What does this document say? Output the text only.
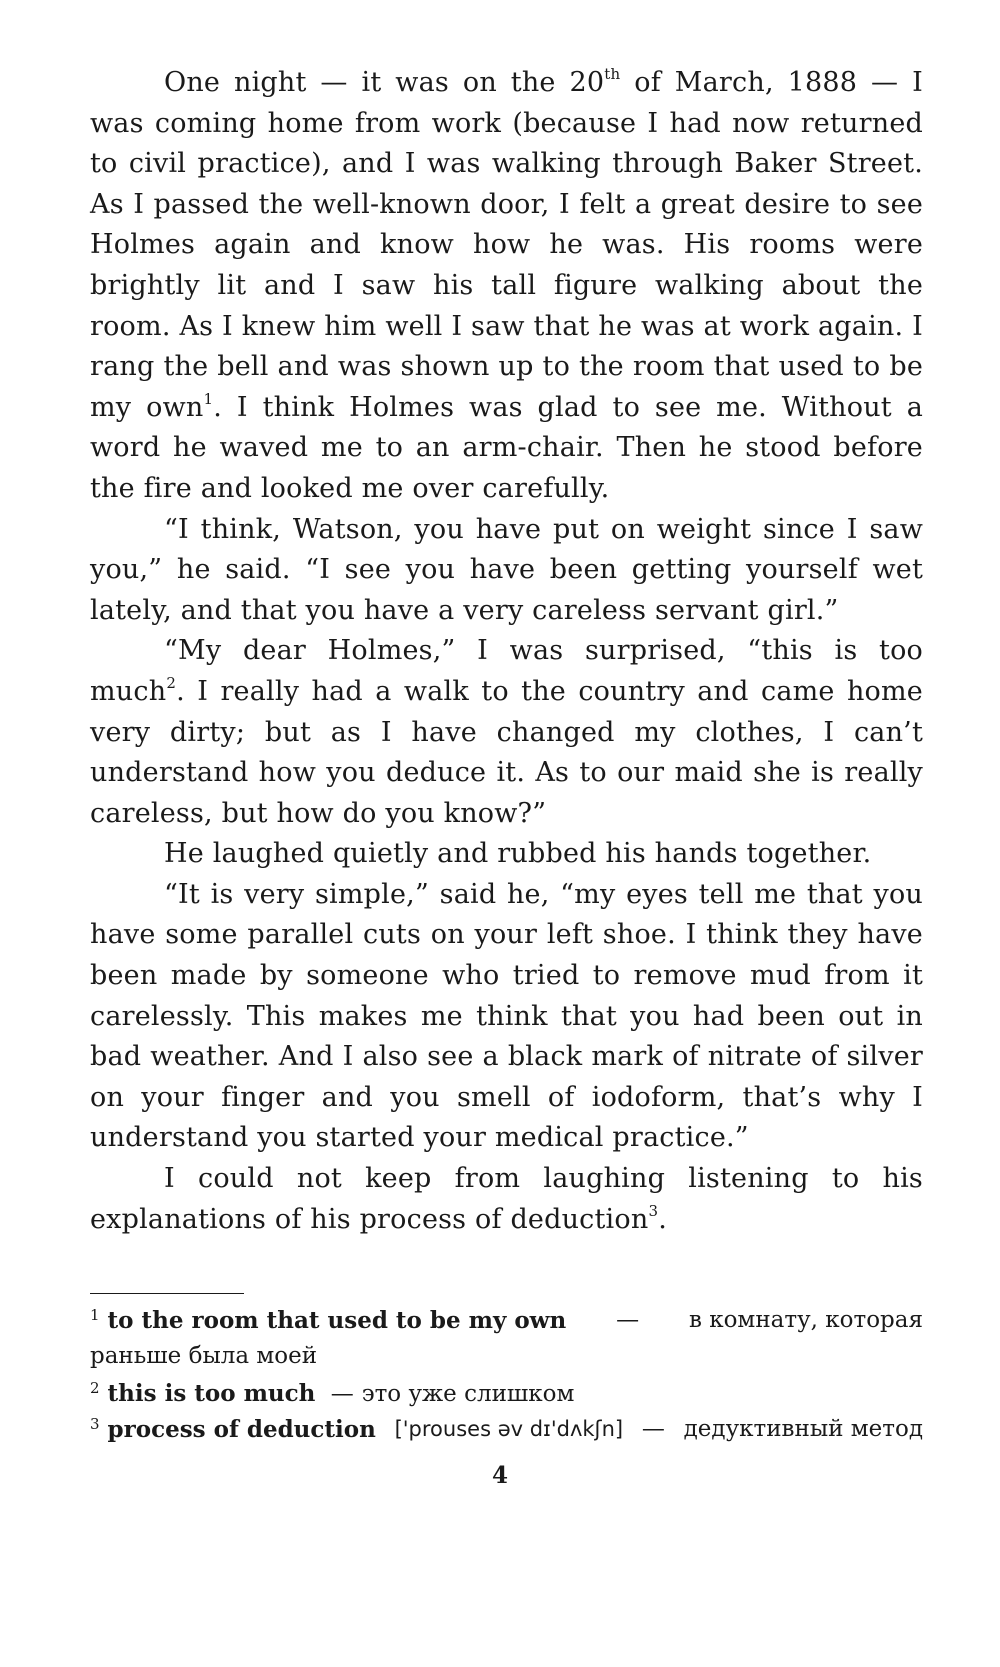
One night — it was on the 20th of March, 1888 — I was coming home from work (because I had now returned to civil practice), and I was walking through Baker Street. As I passed the well-known door, I felt a great desire to see Holmes again and know how he was. His rooms were brightly lit and I saw his tall figure walking about the room. As I knew him well I saw that he was at work again. I rang the bell and was shown up to the room that used to be my own$^1$. I think Holmes was glad to see me. Without a word he waved me to an arm-chair. Then he stood before the fire and looked me over carefully.

“I think, Watson, you have put on weight since I saw you,” he said. “I see you have been getting yourself wet lately, and that you have a very careless servant girl.”

“My dear Holmes,” I was surprised, “this is too much$^2$. I really had a walk to the country and came home very dirty; but as I have changed my clothes, I can’t understand how you deduce it. As to our maid she is really careless, but how do you know?”

He laughed quietly and rubbed his hands together.

“It is very simple,” said he, “my eyes tell me that you have some parallel cuts on your left shoe. I think they have been made by someone who tried to remove mud from it carelessly. This makes me think that you had been out in bad weather. And I also see a black mark of nitrate of silver on your finger and you smell of iodoform, that’s why I understand you started your medical practice.”

I could not keep from laughing listening to his explanations of his process of deduction$^3$.

$^1$ to the room that used to be my own — в комнату, которая
раньше была моей
$^2$ this is too much — это уже слишком
$^3$ process of deduction ['prouses əv dɪ'dʌkʃn] — дедуктивный метод
4
